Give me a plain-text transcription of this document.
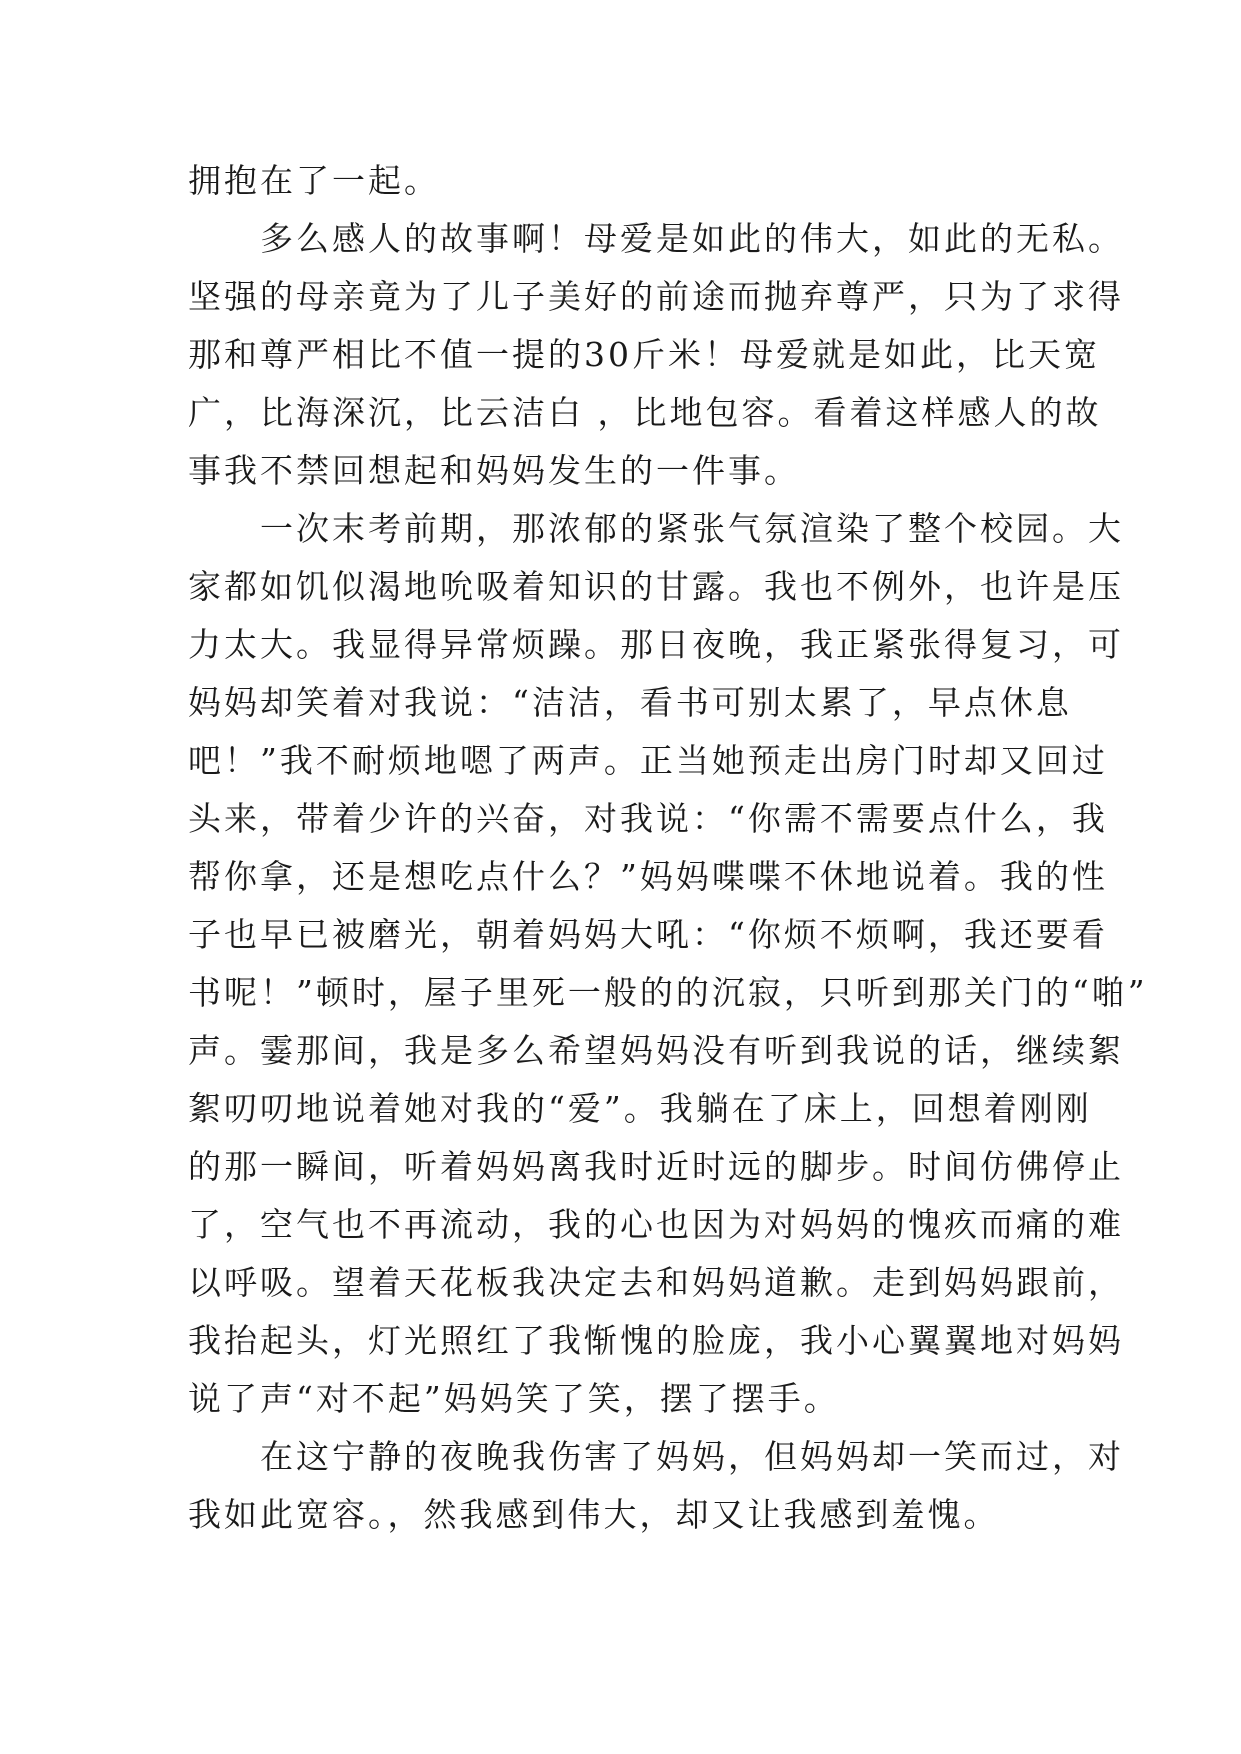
拥抱在了一起。
　　多么感人的故事啊！母爱是如此的伟大，如此的无私。
坚强的母亲竟为了儿子美好的前途而抛弃尊严，只为了求得
那和尊严相比不值一提的30斤米！母爱就是如此，比天宽
广，比海深沉，比云洁白 ，比地包容。看着这样感人的故
事我不禁回想起和妈妈发生的一件事。
　　一次末考前期，那浓郁的紧张气氛渲染了整个校园。大
家都如饥似渴地吮吸着知识的甘露。我也不例外，也许是压
力太大。我显得异常烦躁。那日夜晚，我正紧张得复习，可
妈妈却笑着对我说：“洁洁，看书可别太累了，早点休息
吧！”我不耐烦地嗯了两声。正当她预走出房门时却又回过
头来，带着少许的兴奋，对我说：“你需不需要点什么，我
帮你拿，还是想吃点什么？”妈妈喋喋不休地说着。我的性
子也早已被磨光，朝着妈妈大吼：“你烦不烦啊，我还要看
书呢！”顿时，屋子里死一般的的沉寂，只听到那关门的“啪”
声。霎那间，我是多么希望妈妈没有听到我说的话，继续絮
絮叨叨地说着她对我的“爱”。我躺在了床上，回想着刚刚
的那一瞬间，听着妈妈离我时近时远的脚步。时间仿佛停止
了，空气也不再流动，我的心也因为对妈妈的愧疚而痛的难
以呼吸。望着天花板我决定去和妈妈道歉。走到妈妈跟前，
我抬起头，灯光照红了我惭愧的脸庞，我小心翼翼地对妈妈
说了声“对不起”妈妈笑了笑，摆了摆手。
　　在这宁静的夜晚我伤害了妈妈，但妈妈却一笑而过，对
我如此宽容。，然我感到伟大，却又让我感到羞愧。
